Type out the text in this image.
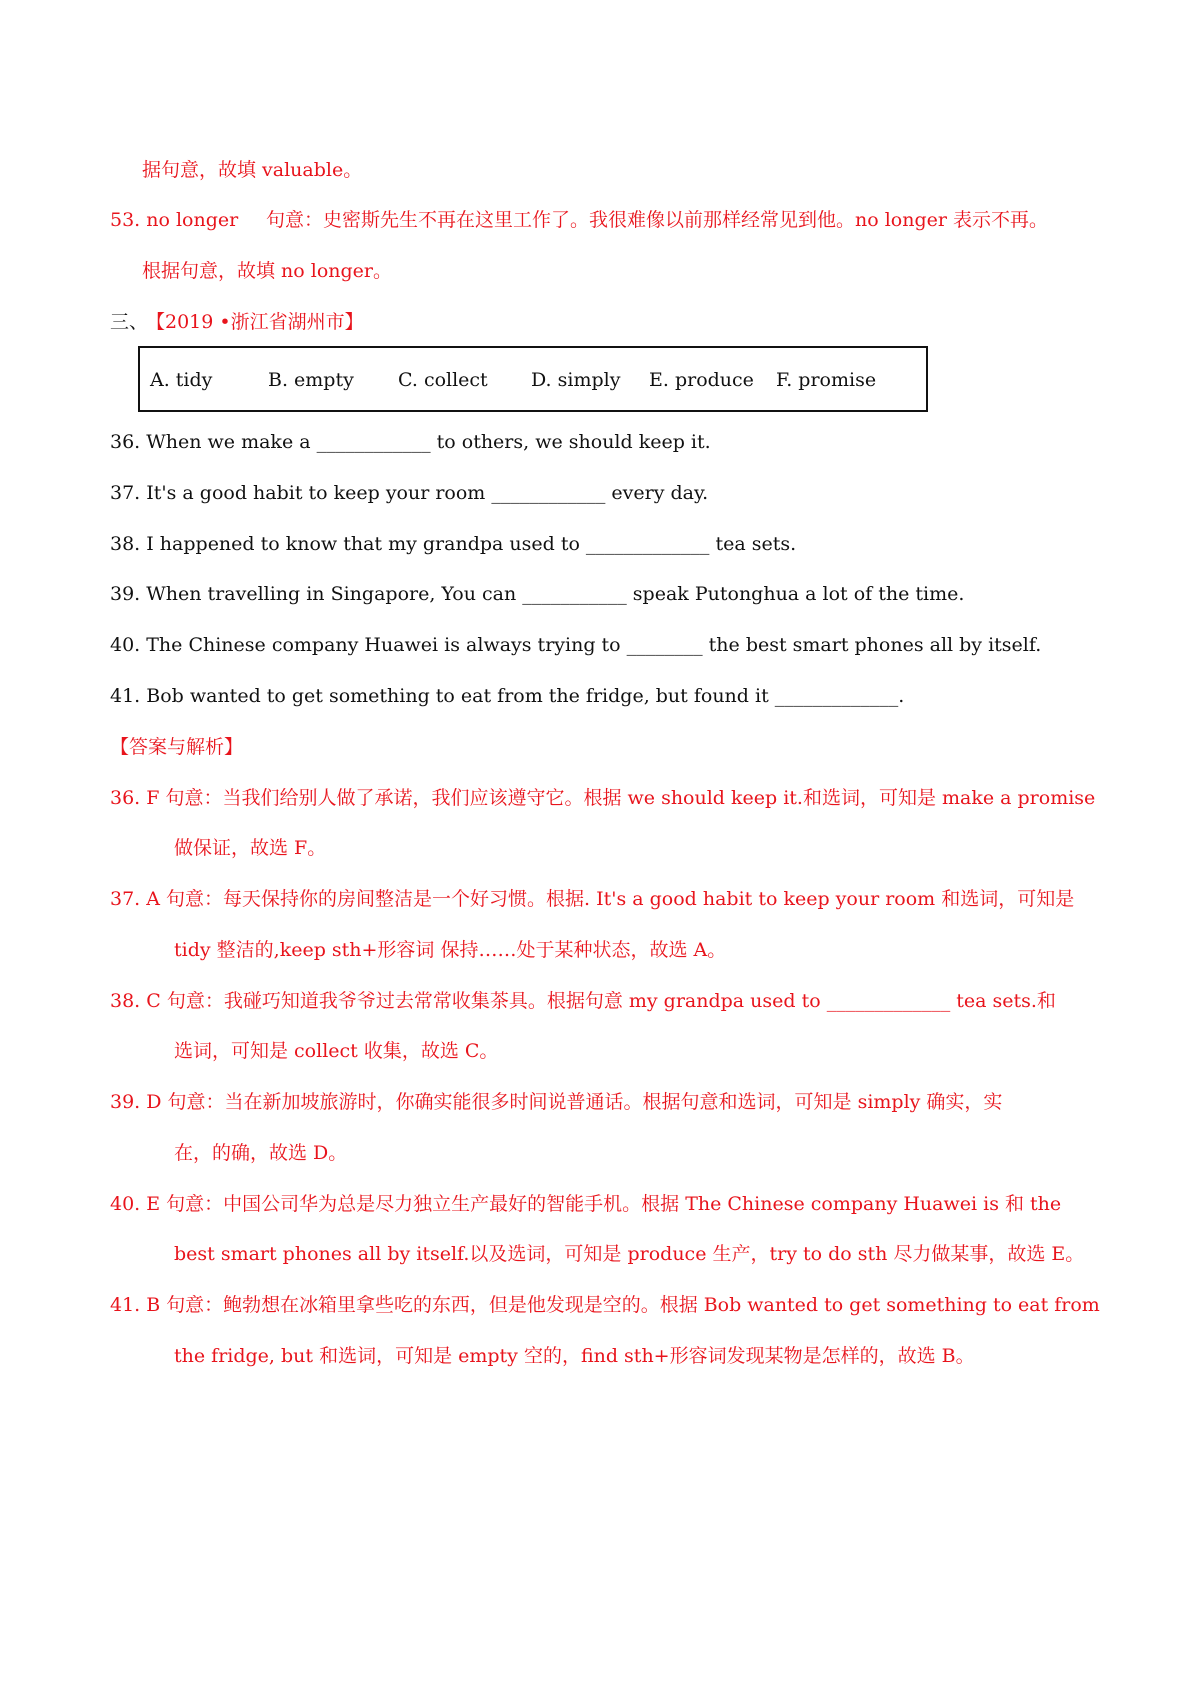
据句意，故填 valuable。
53. no longer 句意：史密斯先生不再在这里工作了。我很难像以前那样经常见到他。no longer 表示不再。
根据句意，故填 no longer。
三、
【2019 •浙江省湖州市】
A. tidy	B. empty C. collect D. simply E. produce F. promise
36. When we make a ____________ to others, we should keep it.
37. It's a good habit to keep your room ____________ every day.
38. I happened to know that my grandpa used to _____________ tea sets.
39. When travelling in Singapore, You can ___________ speak Putonghua a lot of the time.
40. The Chinese company Huawei is always trying to ________ the best smart phones all by itself.
41. Bob wanted to get something to eat from the fridge, but found it _____________.
【答案与解析】
36. F 句意：当我们给别人做了承诺，我们应该遵守它。根据 we should keep it.和选词，可知是 make a promise
做保证，故选 F。
37. A 句意：每天保持你的房间整洁是一个好习惯。根据. It's a good habit to keep your room 和选词，可知是
tidy 整洁的,keep sth+形容词 保持……处于某种状态，故选 A。
38. C 句意：我碰巧知道我爷爷过去常常收集茶具。根据句意 my grandpa used to _____________ tea sets.和
选词，可知是 collect 收集，故选 C。
39. D 句意：当在新加坡旅游时，你确实能很多时间说普通话。根据句意和选词，可知是 simply 确实，实
在，的确，故选 D。
40. E 句意：中国公司华为总是尽力独立生产最好的智能手机。根据 The Chinese company Huawei is 和 the
best smart phones all by itself.以及选词，可知是 produce 生产，try to do sth 尽力做某事，故选 E。
41. B 句意：鲍勃想在冰箱里拿些吃的东西，但是他发现是空的。根据 Bob wanted to get something to eat from
the fridge, but 和选词，可知是 empty 空的，find sth+形容词发现某物是怎样的，故选 B。
